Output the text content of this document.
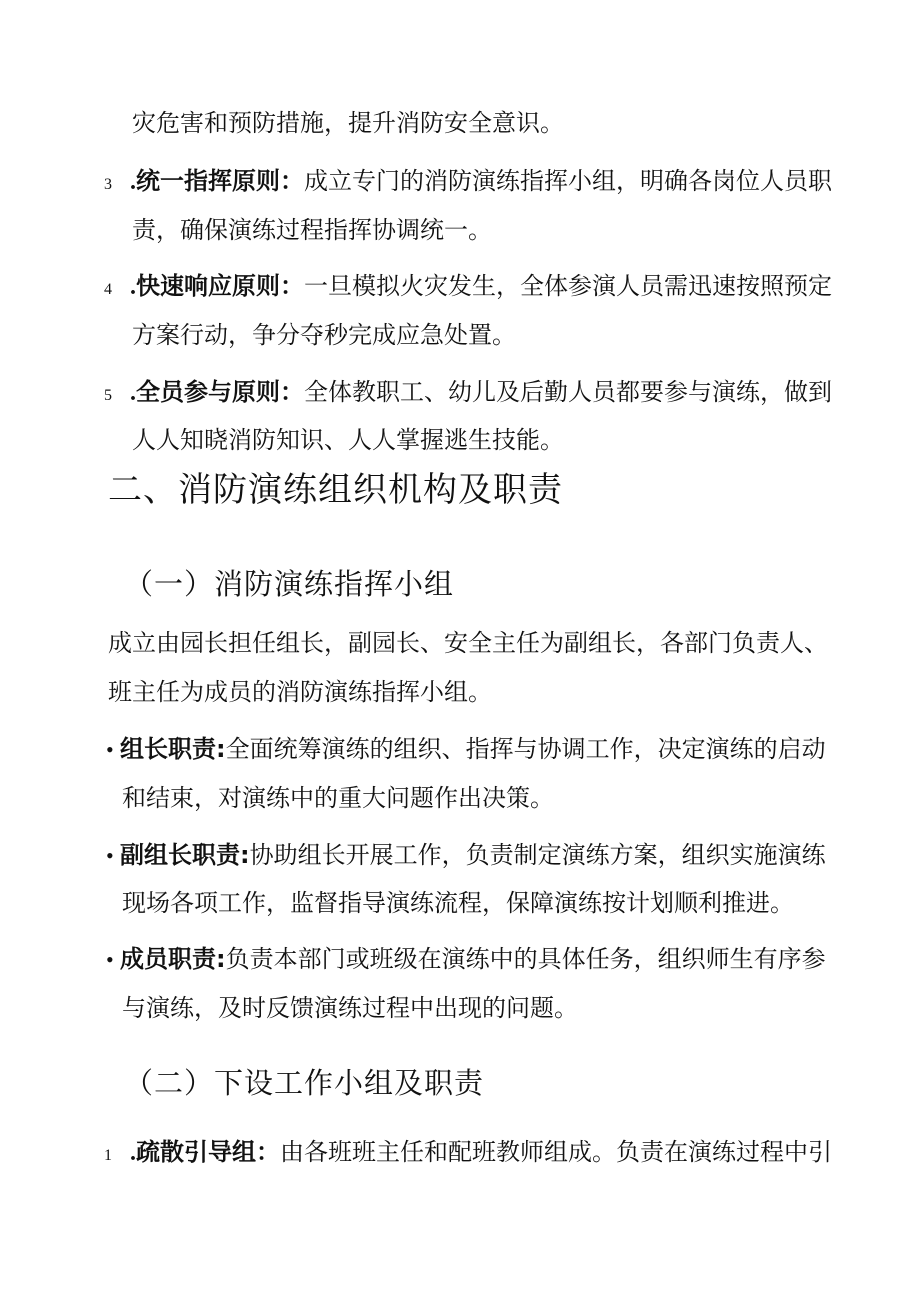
灾危害和预防措施，提升消防安全意识。
3 .统一指挥原则：成立专门的消防演练指挥小组，明确各岗位人员职
责，确保演练过程指挥协调统一。
4 .快速响应原则：一旦模拟火灾发生，全体参演人员需迅速按照预定
方案行动，争分夺秒完成应急处置。
5 .全员参与原则：全体教职工、幼儿及后勤人员都要参与演练，做到
人人知晓消防知识、人人掌握逃生技能。
二、消防演练组织机构及职责
（一）消防演练指挥小组
成立由园长担任组长，副园长、安全主任为副组长，各部门负责人、
班主任为成员的消防演练指挥小组。
• 组长职责:全面统筹演练的组织、指挥与协调工作，决定演练的启动
和结束，对演练中的重大问题作出决策。
• 副组长职责:协助组长开展工作，负责制定演练方案，组织实施演练
现场各项工作，监督指导演练流程，保障演练按计划顺利推进。
• 成员职责:负责本部门或班级在演练中的具体任务，组织师生有序参
与演练，及时反馈演练过程中出现的问题。
（二）下设工作小组及职责
1 .疏散引导组：由各班班主任和配班教师组成。负责在演练过程中引
